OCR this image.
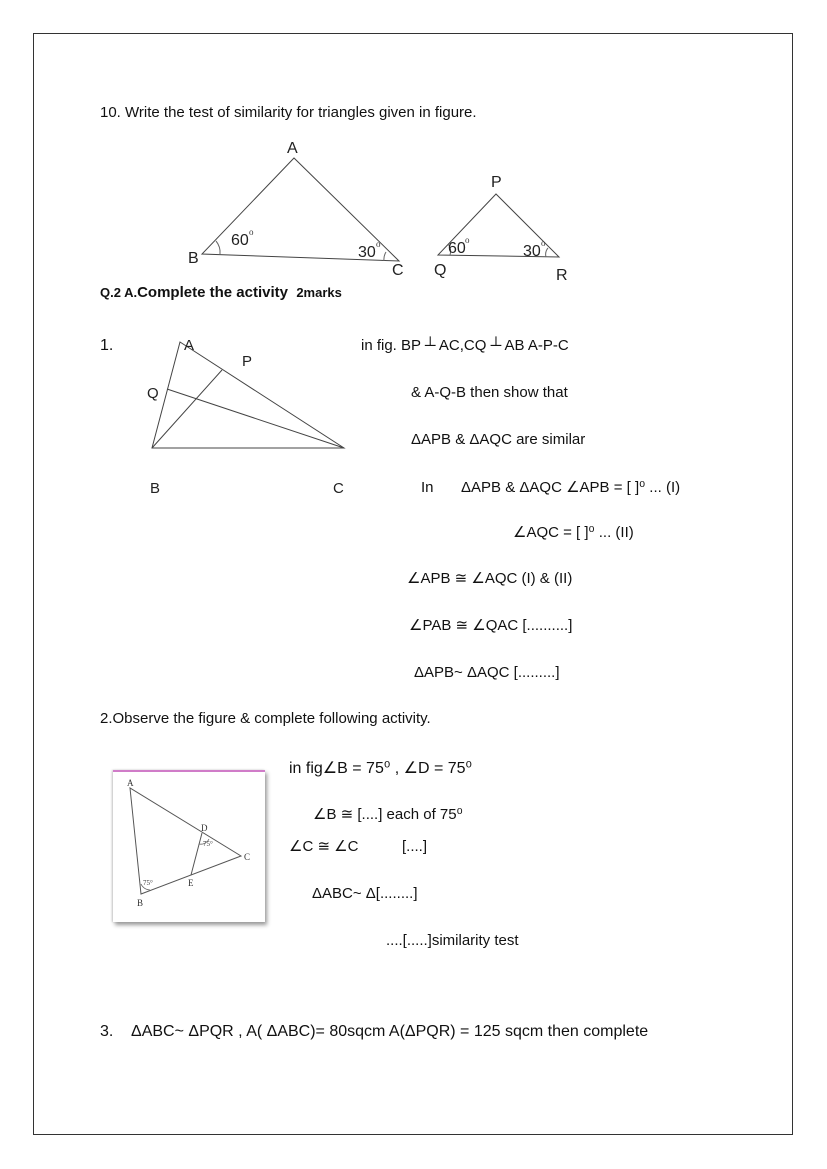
10. Write the test of similarity for triangles given in figure.
A
B
C
60 o
30 o
P
Q	R
60 o
30 o
Q.2 A.Complete the activity 2marks
1.	A
P
Q
B	C
in fig. BP ┴ AC,CQ ┴ AB A-P-C
& A-Q-B then show that
ΔAPB & ΔAQC are similar
In ΔAPB & ΔAQC ∠APB = [ ]⁰ ... (I)
∠AQC = [ ]⁰ ... (II)
∠APB ≅ ∠AQC (I) & (II)
∠PAB ≅ ∠QAC [..........]
ΔAPB~ ΔAQC [.........]
2.Observe the figure & complete following activity.
A
B
C
D
E
75°
75°
in fig∠B = 75⁰ , ∠D = 75⁰
∠B ≅ [....] each of 75⁰
∠C ≅ ∠C	[....]
ΔABC~ Δ[........]
....[.....]similarity test
3. ΔABC~ ΔPQR , A( ΔABC)= 80sqcm A(ΔPQR) = 125 sqcm then complete
